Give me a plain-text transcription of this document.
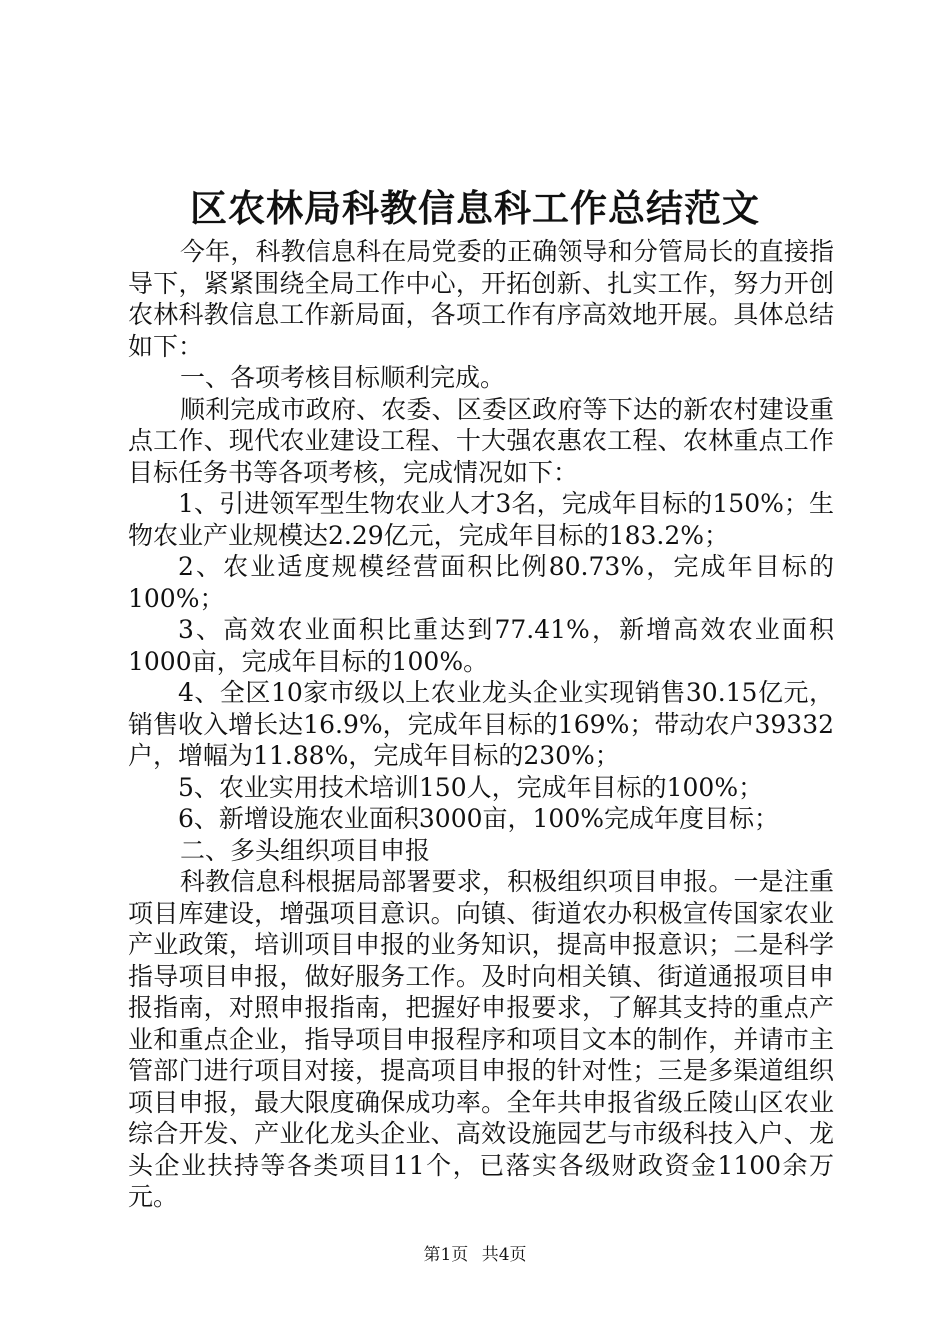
区农林局科教信息科工作总结范文

今年，科教信息科在局党委的正确领导和分管局长的直接指导下，紧紧围绕全局工作中心，开拓创新、扎实工作，努力开创农林科教信息工作新局面，各项工作有序高效地开展。具体总结如下：

一、各项考核目标顺利完成。

顺利完成市政府、农委、区委区政府等下达的新农村建设重点工作、现代农业建设工程、十大强农惠农工程、农林重点工作目标任务书等各项考核，完成情况如下：

1、引进领军型生物农业人才3名，完成年目标的150%；生物农业产业规模达2.29亿元，完成年目标的183.2%；

2、农业适度规模经营面积比例80.73%，完成年目标的100%；

3、高效农业面积比重达到77.41%，新增高效农业面积1000亩，完成年目标的100%。

4、全区10家市级以上农业龙头企业实现销售30.15亿元，销售收入增长达16.9%，完成年目标的169%；带动农户39332户，增幅为11.88%，完成年目标的230%；

5、农业实用技术培训150人，完成年目标的100%；

6、新增设施农业面积3000亩，100%完成年度目标；

二、多头组织项目申报

科教信息科根据局部署要求，积极组织项目申报。一是注重项目库建设，增强项目意识。向镇、街道农办积极宣传国家农业产业政策，培训项目申报的业务知识，提高申报意识；二是科学指导项目申报，做好服务工作。及时向相关镇、街道通报项目申报指南，对照申报指南，把握好申报要求，了解其支持的重点产业和重点企业，指导项目申报程序和项目文本的制作，并请市主管部门进行项目对接，提高项目申报的针对性；三是多渠道组织项目申报，最大限度确保成功率。全年共申报省级丘陵山区农业综合开发、产业化龙头企业、高效设施园艺与市级科技入户、龙头企业扶持等各类项目11个，已落实各级财政资金1100余万元。

第1页 共4页
